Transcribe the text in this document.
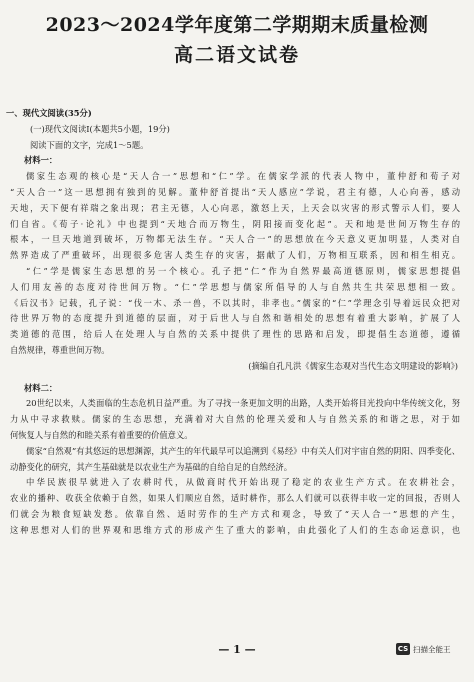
2023～2024学年度第二学期期末质量检测
高二语文试卷
一、现代文阅读(35分)
(一)现代文阅读Ⅰ(本题共5小题，19分)
阅读下面的文字，完成1～5题。
材料一：
儒家生态观的核心是“天人合一”思想和“仁”学。在儒家学派的代表人物中，董仲舒和荀子对
“天人合一”这一思想拥有独到的见解。董仲舒首提出“天人感应”学说，君主有德，人心向善，感动
天地，天下便有祥瑞之象出现；君主无德，人心向恶，激怒上天，上天会以灾害的形式警示人们，要人
们自省。《荀子·论礼》中也提到“天地合而万物生，阴阳接而变化起”。天和地是世间万物生存的
根本，一旦天地道到破坏，万物都无法生存。“天人合一”的思想放在今天意义更加明显，人类对自
然界造成了严重破坏，出现很多危害人类生存的灾害，据献了人们，万物相互联系，因和相生相克。
“仁”学是儒家生态思想的另一个核心。孔子把“仁”作为自然界最高道德原则，儒家思想提倡
人们用友善的态度对待世间万物。“仁”学思想与儒家所倡导的人与自然共生共荣思想相一致。
《后汉书》记载，孔子说：“伐一木、杀一兽，不以其时，非孝也。”儒家的“仁”学理念引导着远民众把对
待世界万物的态度提升到道德的层面，对于后世人与自然和谐相处的思想有着重大影响，扩展了人
类道德的范围，给后人在处理人与自然的关系中提供了理性的思路和启发，即提倡生态道德，遵循
自然规律，尊重世间万物。
(摘编自孔凡洪《儒家生态观对当代生态文明建设的影响》)
材料二：
20世纪以来，人类面临的生态危机日益严重。为了寻找一条更加文明的出路，人类开始将目光投向中华传统文化，努
力从中寻求救赎。儒家的生态思想，充满着对大自然的伦理关爱和人与自然关系的和谐之思，对于如
何恢复人与自然的和睦关系有着重要的价值意义。
儒家“自然观”有其悠远的思想渊源，其产生的年代最早可以追溯到《易经》中有关人们对宇宙自然的阴阳、四季变化、
动静变化的研究，其产生基础就是以农业生产为基础的自给自足的自然经济。
中华民族很早就进入了农耕时代，从做商时代开始出现了稳定的农业生产方式。在农耕社会，
农业的播种、收获全依赖于自然，如果人们顺应自然，适时耕作，那么人们就可以获得丰收一定的回报，否则人
们就会为粮食短缺发愁。依靠自然、适时劳作的生产方式和观念，导致了“天人合一”思想的产生，
这种思想对人们的世界观和思维方式的形成产生了重大的影响，由此强化了人们的生态命运意识，也
— 1 —	CS 扫描全能王
